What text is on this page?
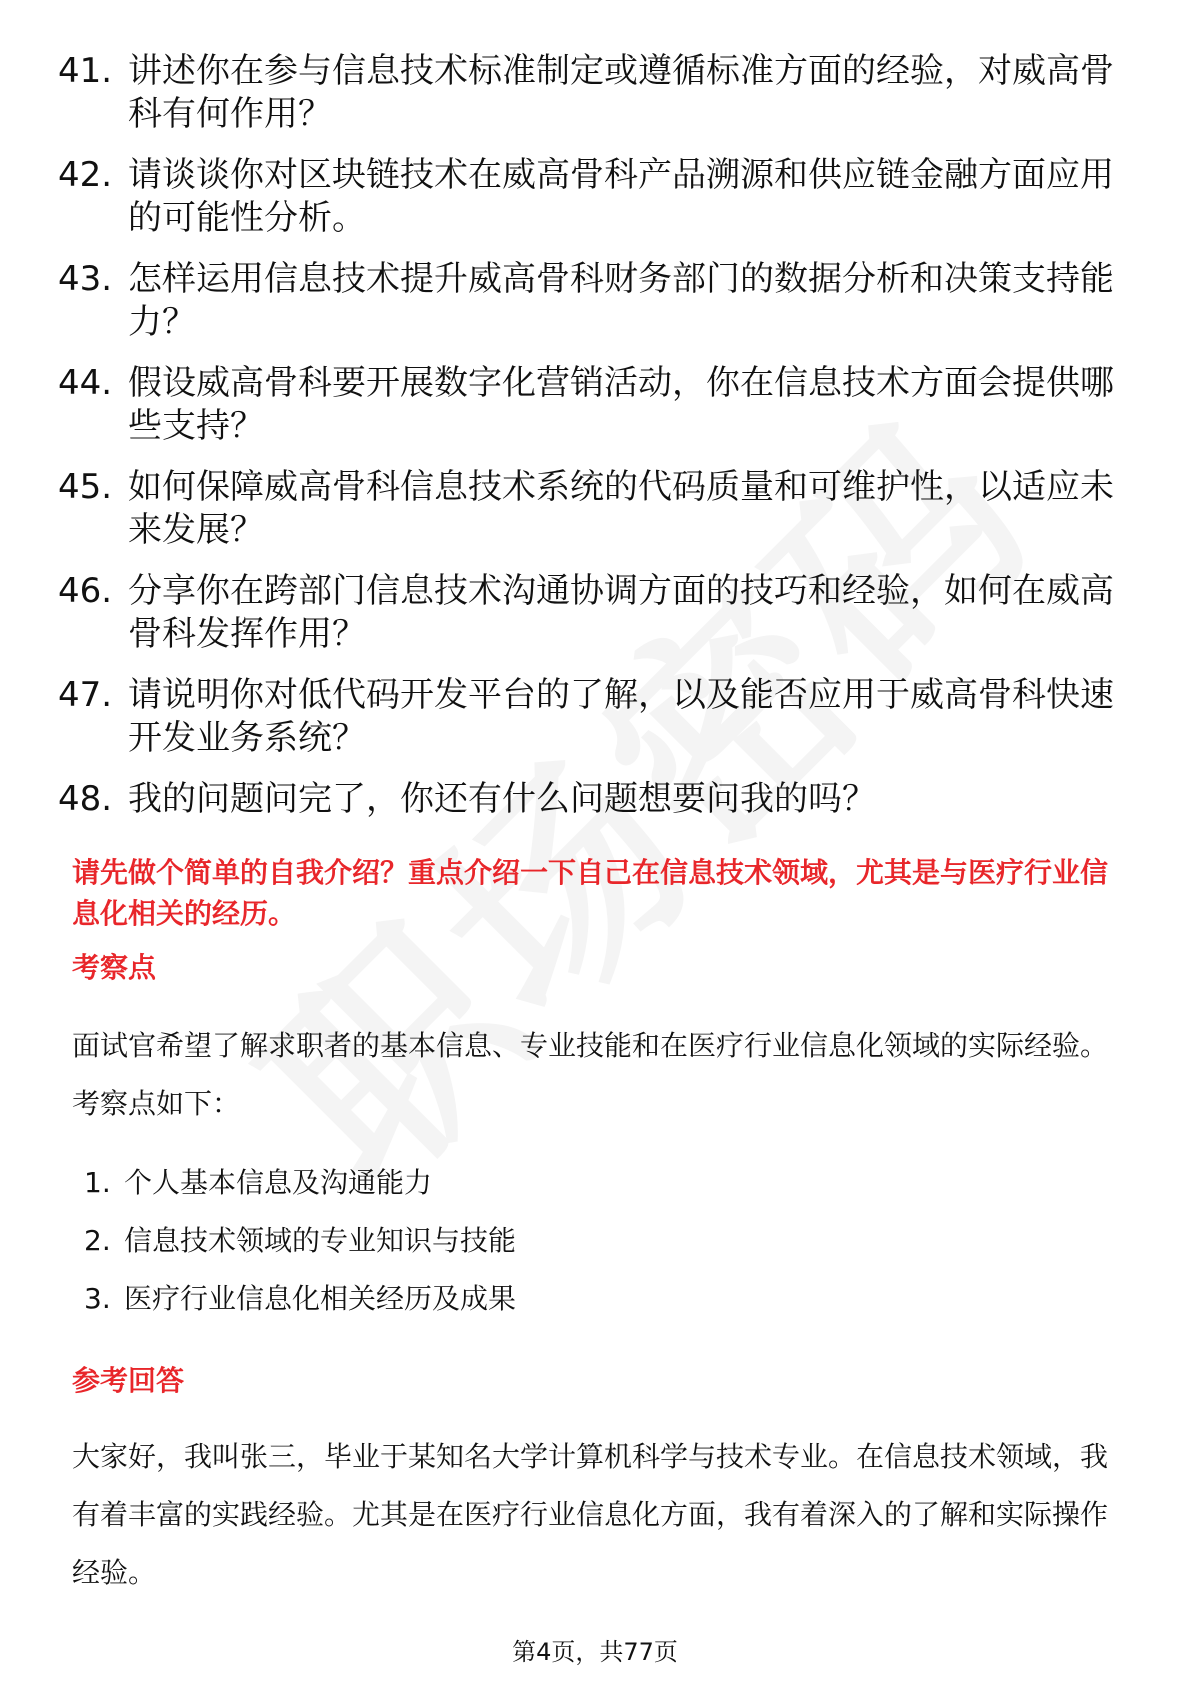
41. 讲述你在参与信息技术标准制定或遵循标准方面的经验，对威高骨科有何作用？
42. 请谈谈你对区块链技术在威高骨科产品溯源和供应链金融方面应用的可能性分析。
43. 怎样运用信息技术提升威高骨科财务部门的数据分析和决策支持能力？
44. 假设威高骨科要开展数字化营销活动，你在信息技术方面会提供哪些支持？
45. 如何保障威高骨科信息技术系统的代码质量和可维护性，以适应未来发展？
46. 分享你在跨部门信息技术沟通协调方面的技巧和经验，如何在威高骨科发挥作用？
47. 请说明你对低代码开发平台的了解，以及能否应用于威高骨科快速开发业务系统？
48. 我的问题问完了，你还有什么问题想要问我的吗？
请先做个简单的自我介绍？重点介绍一下自己在信息技术领域，尤其是与医疗行业信息化相关的经历。
考察点
面试官希望了解求职者的基本信息、专业技能和在医疗行业信息化领域的实际经验。考察点如下：
1. 个人基本信息及沟通能力
2. 信息技术领域的专业知识与技能
3. 医疗行业信息化相关经历及成果
参考回答
大家好，我叫张三，毕业于某知名大学计算机科学与技术专业。在信息技术领域，我有着丰富的实践经验。尤其是在医疗行业信息化方面，我有着深入的了解和实际操作经验。
第4页，共77页
